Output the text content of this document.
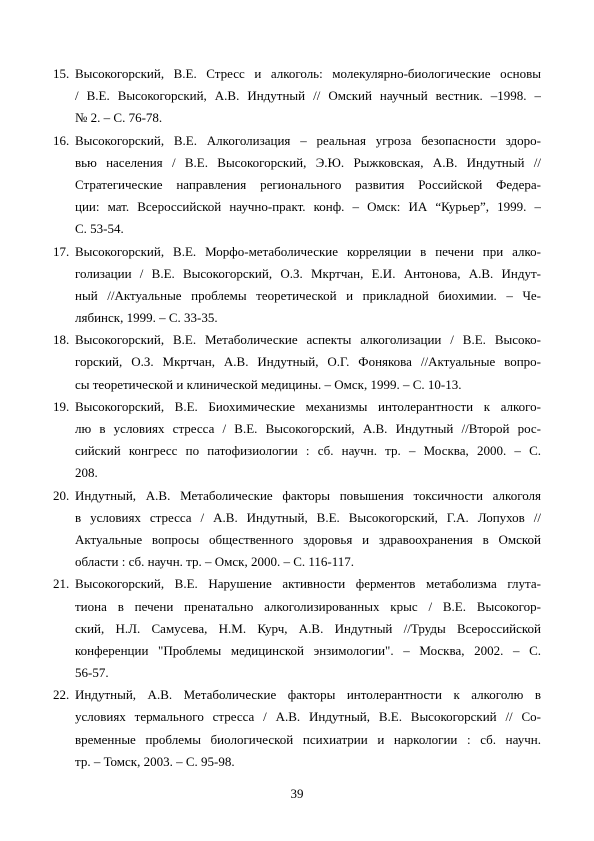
15. Высокогорский, В.Е. Стресс и алкоголь: молекулярно-биологические основы
/ В.Е. Высокогорский, А.В. Индутный // Омский научный вестник. –1998. –
№ 2. – С. 76-78.
16. Высокогорский, В.Е. Алкоголизация – реальная угроза безопасности здоро-
вью населения / В.Е. Высокогорский, Э.Ю. Рыжковская, А.В. Индутный //
Стратегические направления регионального развития Российской Федера-
ции: мат. Всероссийской научно-практ. конф. – Омск: ИА “Курьер”, 1999. –
С. 53-54.
17. Высокогорский, В.Е. Морфо-метаболические корреляции в печени при алко-
голизации / В.Е. Высокогорский, О.З. Мкртчан, Е.И. Антонова, А.В. Индут-
ный //Актуальные проблемы теоретической и прикладной биохимии. – Че-
лябинск, 1999. – С. 33-35.
18. Высокогорский, В.Е. Метаболические аспекты алкоголизации / В.Е. Высоко-
горский, О.З. Мкртчан, А.В. Индутный, О.Г. Фонякова //Актуальные вопро-
сы теоретической и клинической медицины. – Омск, 1999. – С. 10-13.
19. Высокогорский, В.Е. Биохимические механизмы интолерантности к алкого-
лю в условиях стресса / В.Е. Высокогорский, А.В. Индутный //Второй рос-
сийский конгресс по патофизиологии : сб. научн. тр. – Москва, 2000. – С.
208.
20. Индутный, А.В. Метаболические факторы повышения токсичности алкоголя
в условиях стресса / А.В. Индутный, В.Е. Высокогорский, Г.А. Лопухов //
Актуальные вопросы общественного здоровья и здравоохранения в Омской
области : сб. научн. тр. – Омск, 2000. – С. 116-117.
21. Высокогорский, В.Е. Нарушение активности ферментов метаболизма глута-
тиона в печени пренатально алкоголизированных крыс / В.Е. Высокогор-
ский, Н.Л. Самусева, Н.М. Курч, А.В. Индутный //Труды Всероссийской
конференции "Проблемы медицинской энзимологии". – Москва, 2002. – С.
56-57.
22. Индутный, А.В. Метаболические факторы интолерантности к алкоголю в
условиях термального стресса / А.В. Индутный, В.Е. Высокогорский // Со-
временные проблемы биологической психиатрии и наркологии : сб. научн.
тр. – Томск, 2003. – С. 95-98.
39
